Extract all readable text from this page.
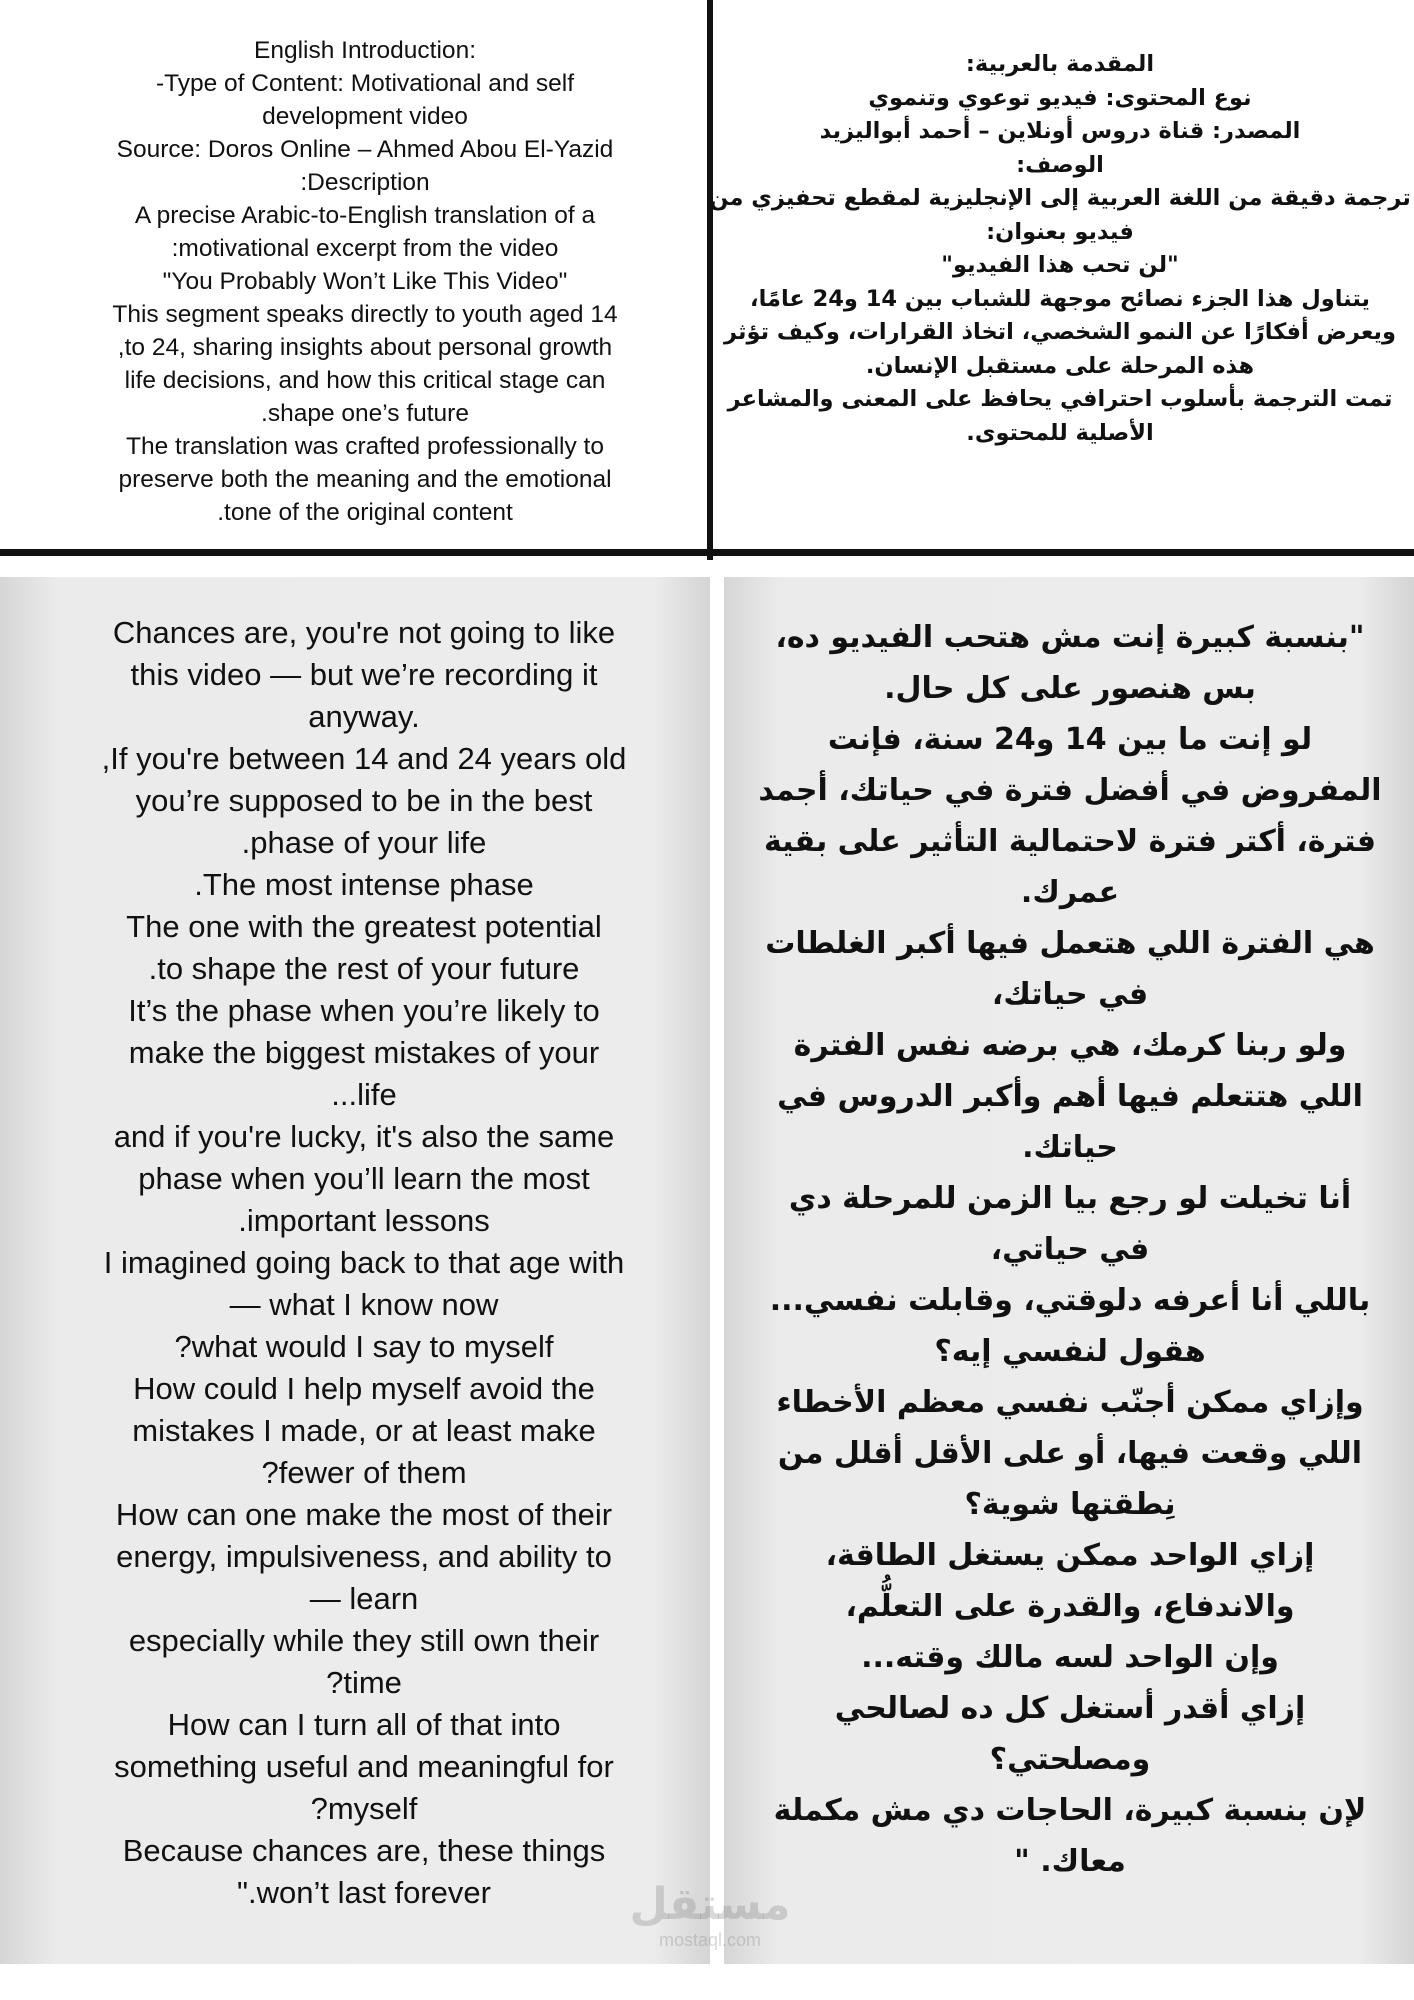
English Introduction:
-Type of Content: Motivational and self
development video
Source: Doros Online – Ahmed Abou El-Yazid
:Description
A precise Arabic-to-English translation of a
:motivational excerpt from the video
"You Probably Won’t Like This Video"
This segment speaks directly to youth aged 14
,to 24, sharing insights about personal growth
life decisions, and how this critical stage can
.shape one’s future
The translation was crafted professionally to
preserve both the meaning and the emotional
.tone of the original content
المقدمة بالعربية:
نوع المحتوى: فيديو توعوي وتنموي
المصدر: قناة دروس أونلاين – أحمد أبواليزيد
الوصف:
ترجمة دقيقة من اللغة العربية إلى الإنجليزية لمقطع تحفيزي من
فيديو بعنوان:
"لن تحب هذا الفيديو"
يتناول هذا الجزء نصائح موجهة للشباب بين 14 و24 عامًا،
ويعرض أفكارًا عن النمو الشخصي، اتخاذ القرارات، وكيف تؤثر
هذه المرحلة على مستقبل الإنسان.
تمت الترجمة بأسلوب احترافي يحافظ على المعنى والمشاعر
الأصلية للمحتوى.
Chances are, you're not going to like
this video — but we’re recording it
anyway.
,If you're between 14 and 24 years old
you’re supposed to be in the best
.phase of your life
.The most intense phase
The one with the greatest potential
.to shape the rest of your future
It’s the phase when you’re likely to
make the biggest mistakes of your
...life
and if you're lucky, it's also the same
phase when you’ll learn the most
.important lessons
I imagined going back to that age with
— what I know now
?what would I say to myself
How could I help myself avoid the
mistakes I made, or at least make
?fewer of them
How can one make the most of their
energy, impulsiveness, and ability to
— learn
especially while they still own their
?time
How can I turn all of that into
something useful and meaningful for
?myself
Because chances are, these things
".won’t last forever
"بنسبة كبيرة إنت مش هتحب الفيديو ده،
بس هنصور على كل حال.
لو إنت ما بين 14 و24 سنة، فإنت
المفروض في أفضل فترة في حياتك، أجمد
فترة، أكتر فترة لاحتمالية التأثير على بقية
عمرك.
هي الفترة اللي هتعمل فيها أكبر الغلطات
في حياتك،
ولو ربنا كرمك، هي برضه نفس الفترة
اللي هتتعلم فيها أهم وأكبر الدروس في
حياتك.
أنا تخيلت لو رجع بيا الزمن للمرحلة دي
في حياتي،
باللي أنا أعرفه دلوقتي، وقابلت نفسي...
هقول لنفسي إيه؟
وإزاي ممكن أجنّب نفسي معظم الأخطاء
اللي وقعت فيها، أو على الأقل أقلل من
نِطقتها شوية؟
إزاي الواحد ممكن يستغل الطاقة،
والاندفاع، والقدرة على التعلُّم،
وإن الواحد لسه مالك وقته...
إزاي أقدر أستغل كل ده لصالحي
ومصلحتي؟
لإن بنسبة كبيرة، الحاجات دي مش مكملة
معاك. "
مستقل
mostaql.com
